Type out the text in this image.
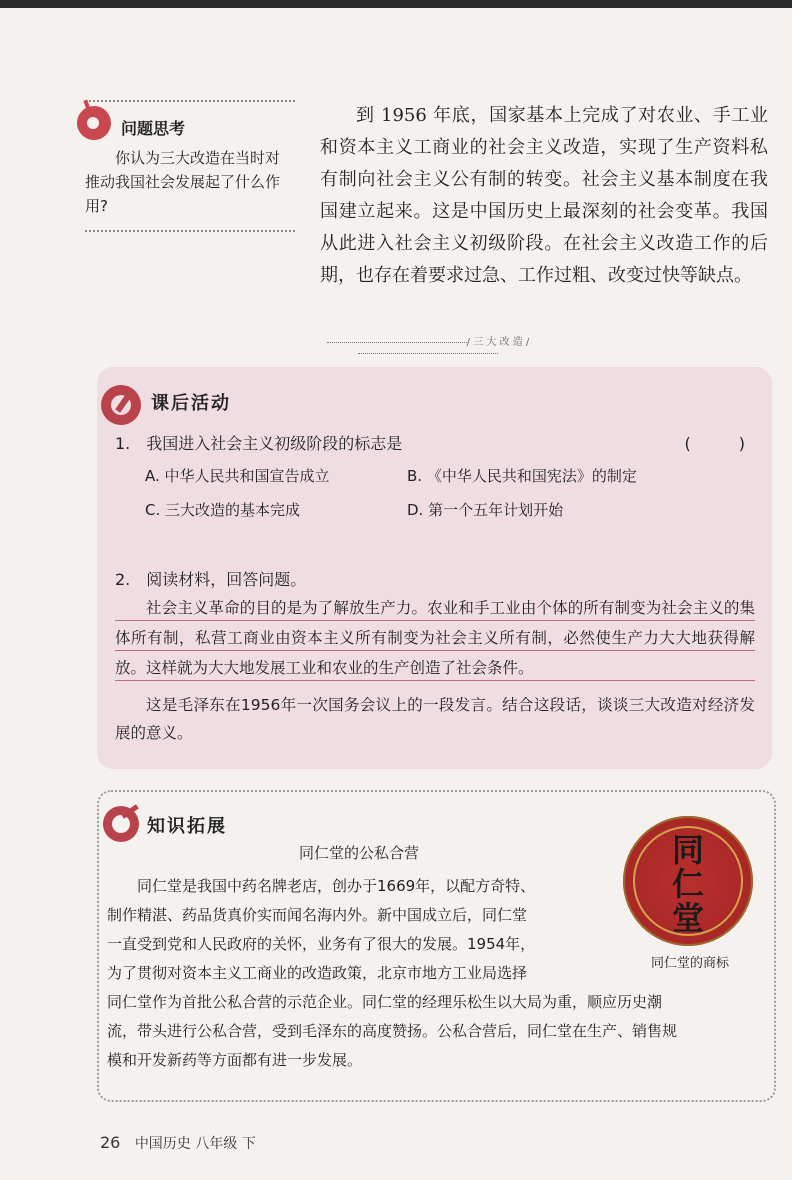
问题思考
你认为三大改造在当时对推动我国社会发展起了什么作用?
到 1956 年底，国家基本上完成了对农业、手工业和资本主义工商业的社会主义改造，实现了生产资料私有制向社会主义公有制的转变。社会主义基本制度在我国建立起来。这是中国历史上最深刻的社会变革。我国从此进入社会主义初级阶段。在社会主义改造工作的后期，也存在着要求过急、工作过粗、改变过快等缺点。
/ 三 大 改 造 /
课后活动
1.　我国进入社会主义初级阶段的标志是	(　　　)
A. 中华人民共和国宣告成立	B. 《中华人民共和国宪法》的制定
C. 三大改造的基本完成	D. 第一个五年计划开始
2.　阅读材料，回答问题。
社会主义革命的目的是为了解放生产力。农业和手工业由个体的所有制变为社会主义的集体所有制，私营工商业由资本主义所有制变为社会主义所有制，必然使生产力大大地获得解放。这样就为大大地发展工业和农业的生产创造了社会条件。
这是毛泽东在1956年一次国务会议上的一段发言。结合这段话，谈谈三大改造对经济发展的意义。
知识拓展
同仁堂的公私合营
　　同仁堂是我国中药名牌老店，创办于1669年，以配方奇特、
制作精湛、药品货真价实而闻名海内外。新中国成立后，同仁堂
一直受到党和人民政府的关怀，业务有了很大的发展。1954年，
为了贯彻对资本主义工商业的改造政策，北京市地方工业局选择
同仁堂作为首批公私合营的示范企业。同仁堂的经理乐松生以大局为重，顺应历史潮
流，带头进行公私合营，受到毛泽东的高度赞扬。公私合营后，同仁堂在生产、销售规
模和开发新药等方面都有进一步发展。
同
仁
堂
同仁堂的商标
26 中国历史 八年级 下
